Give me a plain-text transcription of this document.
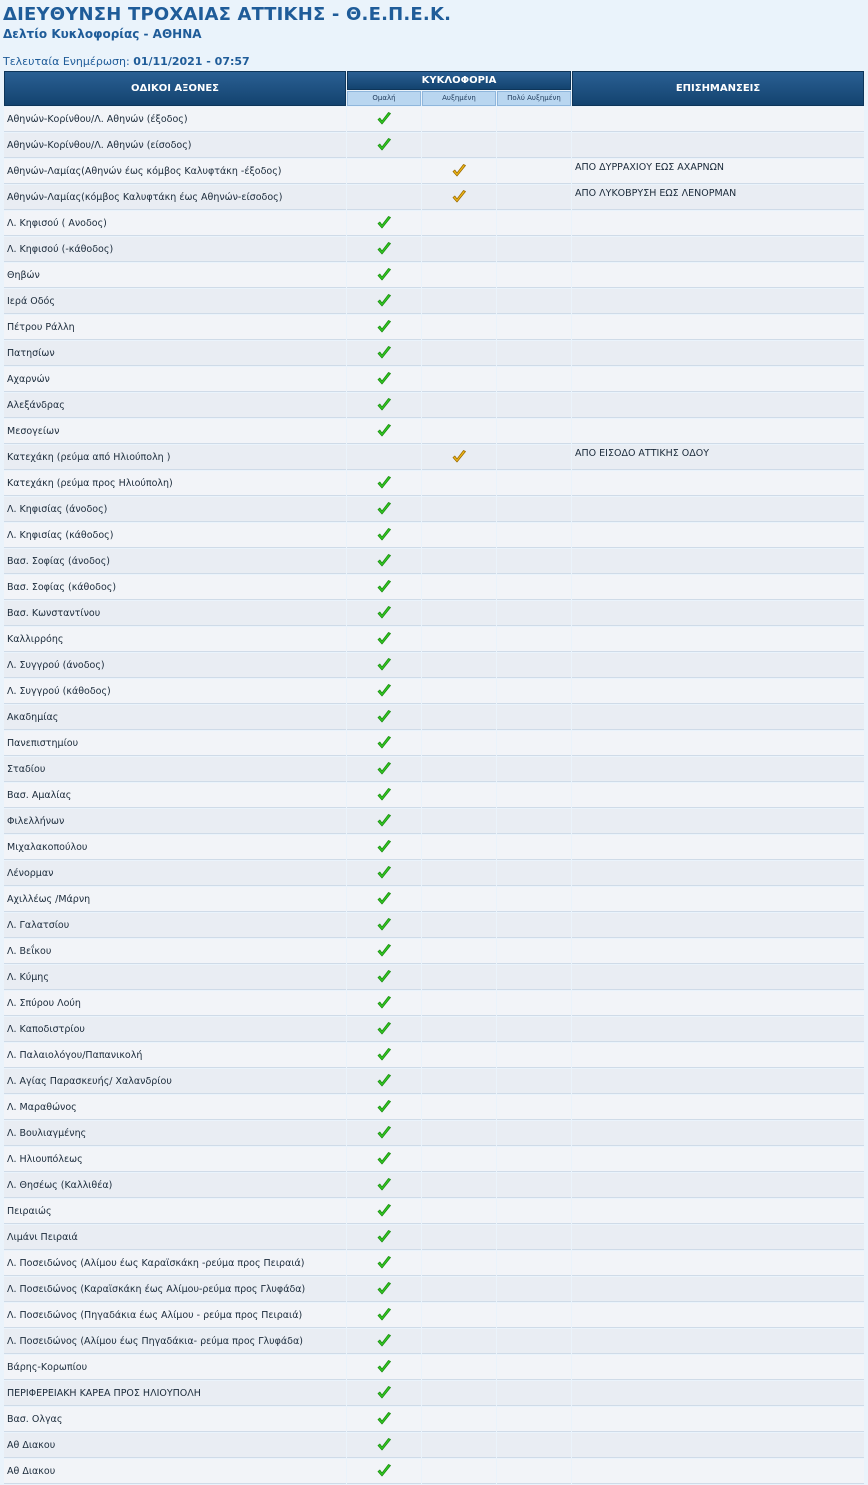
ΔΙΕΥΘΥΝΣΗ ΤΡΟΧΑΙΑΣ ΑΤΤΙΚΗΣ - Θ.Ε.Π.Ε.Κ.
Δελτίο Κυκλοφορίας - ΑΘΗΝΑ
Τελευταία Ενημέρωση: 01/11/2021 - 07:57
ΟΔΙΚΟΙ ΑΞΟΝΕΣ	ΚΥΚΛΟΦΟΡΙΑ			ΕΠΙΣΗΜΑΝΣΕΙΣ
	Ομαλή	Αυξημένη	Πολύ Αυξημένη	
Αθηνών-Κορίνθου/Λ. Αθηνών (έξοδος)	

Αθηνών-Κορίνθου/Λ. Αθηνών (είσοδος)	

Αθηνών-Λαμίας(Αθηνών έως κόμβος Καλυφτάκη -έξοδος)				ΑΠΟ ΔΥΡΡΑΧΙΟΥ ΕΩΣ ΑΧΑΡΝΩΝ
Αθηνών-Λαμίας(κόμβος Καλυφτάκη έως Αθηνών-είσοδος)				ΑΠΟ ΛΥΚΟΒΡΥΣΗ ΕΩΣ ΛΕΝΟΡΜΑΝ
Λ. Κηφισού ( Ανοδος)	

Λ. Κηφισού (-κάθοδος)	

Θηβών	

Ιερά Οδός	

Πέτρου Ράλλη	

Πατησίων	

Αχαρνών	

Αλεξάνδρας	

Μεσογείων	

Κατεχάκη (ρεύμα από Ηλιούπολη )				ΑΠΟ ΕΙΣΟΔΟ ΑΤΤΙΚΗΣ ΟΔΟΥ
Κατεχάκη (ρεύμα προς Ηλιούπολη)	

Λ. Κηφισίας (άνοδος)	

Λ. Κηφισίας (κάθοδος)	

Βασ. Σοφίας (άνοδος)	

Βασ. Σοφίας (κάθοδος)	

Βασ. Κωνσταντίνου	

Καλλιρρόης	

Λ. Συγγρού (άνοδος)	

Λ. Συγγρού (κάθοδος)	

Ακαδημίας	

Πανεπιστημίου	

Σταδίου	

Βασ. Αμαλίας	

Φιλελλήνων	

Μιχαλακοπούλου	

Λένορμαν	

Αχιλλέως /Μάρνη	

Λ. Γαλατσίου	

Λ. Βεΐκου	

Λ. Κύμης	

Λ. Σπύρου Λούη	

Λ. Καποδιστρίου	

Λ. Παλαιολόγου/Παπανικολή	

Λ. Αγίας Παρασκευής/ Χαλανδρίου	

Λ. Μαραθώνος	

Λ. Βουλιαγμένης	

Λ. Ηλιουπόλεως	

Λ. Θησέως (Καλλιθέα)	

Πειραιώς	

Λιμάνι Πειραιά	

Λ. Ποσειδώνος (Αλίμου έως Καραϊσκάκη -ρεύμα προς Πειραιά)	

Λ. Ποσειδώνος (Καραϊσκάκη έως Αλίμου-ρεύμα προς Γλυφάδα)	

Λ. Ποσειδώνος (Πηγαδάκια έως Αλίμου - ρεύμα προς Πειραιά)	

Λ. Ποσειδώνος (Αλίμου έως Πηγαδάκια- ρεύμα προς Γλυφάδα)	

Βάρης-Κορωπίου	

ΠΕΡΙΦΕΡΕΙΑΚΗ ΚΑΡΕΑ ΠΡΟΣ ΗΛΙΟΥΠΟΛΗ	

Βασ. Ολγας	

Αθ Διακου	

Αθ Διακου	
